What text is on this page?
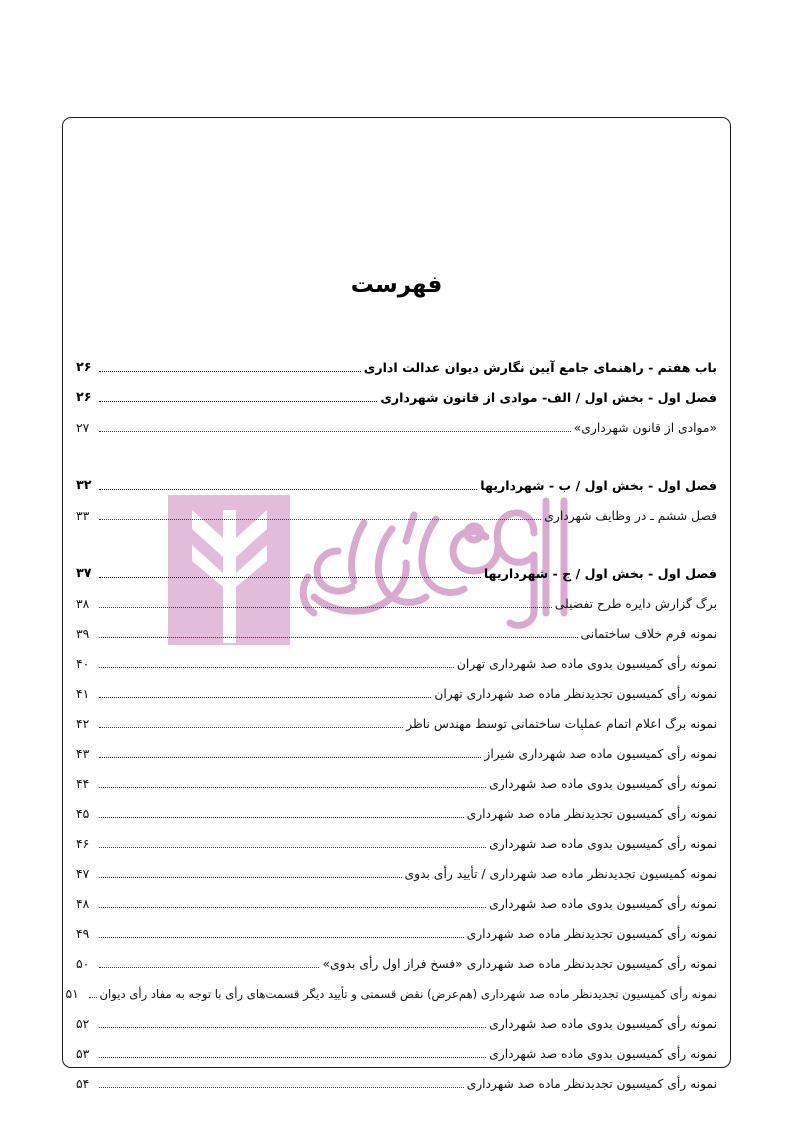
فهرست
باب هفتم - راهنمای جامع آیین نگارش دیوان عدالت اداری
۲۶
فصل اول - بخش اول / الف- موادی از قانون شهرداری
۲۶
«موادی از قانون شهرداری»
۲۷
فصل اول - بخش اول / ب - شهرداریها
۳۲
فصل ششم ـ در وظایف شهرداری
۳۳
فصل اول - بخش اول / ج - شهرداریها
۳۷
برگ گزارش دایره طرح تفضیلی
۳۸
نمونه فرم خلاف ساختمانی
۳۹
نمونه رأی کمیسیون بدوی ماده صد شهرداری تهران
۴۰
نمونه رأی کمیسیون تجدیدنظر ماده صد شهرداری تهران
۴۱
نمونه برگ اعلام اتمام عملیات ساختمانی توسط مهندس ناظر
۴۲
نمونه رأی کمیسیون ماده صد شهرداری شیراز
۴۳
نمونه رأی کمیسیون بدوی ماده صد شهرداری
۴۴
نمونه رأی کمیسیون تجدیدنظر ماده صد شهرداری
۴۵
نمونه رأی کمیسیون بدوی ماده صد شهرداری
۴۶
نمونه کمیسیون تجدیدنظر ماده صد شهرداری / تأیید رأی بدوی
۴۷
نمونه رأی کمیسیون بدوی ماده صد شهرداری
۴۸
نمونه رأی کمیسیون تجدیدنظر ماده صد شهرداری
۴۹
نمونه رأی کمیسیون تجدیدنظر ماده صد شهرداری «فسخ فراز اول رأی بدوی»
۵۰
نمونه رأی کمیسیون تجدیدنظر ماده صد شهرداری (هم‌عرض) نقض قسمتی و تأیید دیگر قسمت‌های رأی با توجه به مفاد رأی دیوان
۵۱
نمونه رأی کمیسیون بدوی ماده صد شهرداری
۵۲
نمونه رأی کمیسیون بدوی ماده صد شهرداری
۵۳
نمونه رأی کمیسیون تجدیدنظر ماده صد شهرداری
۵۴
